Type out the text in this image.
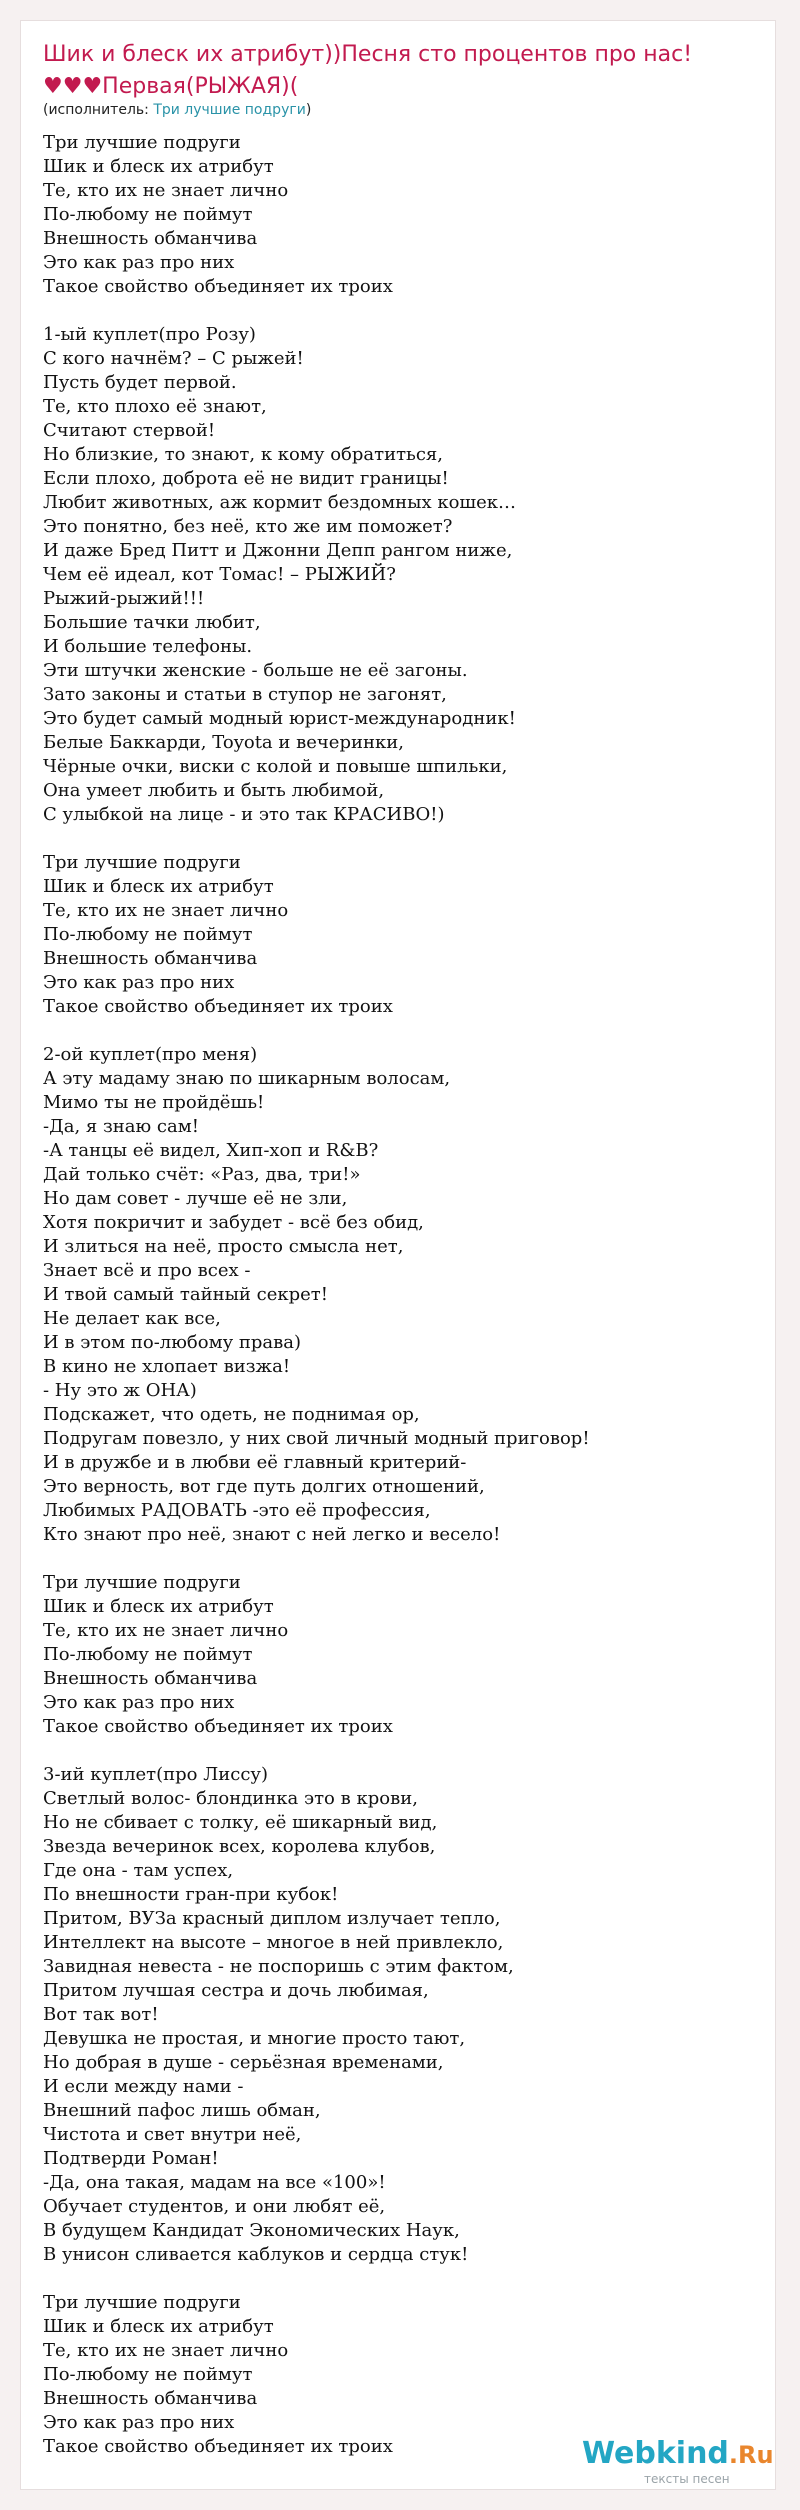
Шик и блеск их атрибут))Песня сто процентов про нас! ♥♥♥Первая(РЫЖАЯ)(
(исполнитель: Три лучшие подруги)
Три лучшие подруги
Шик и блеск их атрибут
Те, кто их не знает лично
По-любому не поймут
Внешность обманчива
Это как раз про них
Такое свойство объединяет их троих
1-ый куплет(про Розу)
С кого начнём? – С рыжей!
Пусть будет первой.
Те, кто плохо её знают,
Считают стервой!
Но близкие, то знают, к кому обратиться,
Если плохо, доброта её не видит границы!
Любит животных, аж кормит бездомных кошек…
Это понятно, без неё, кто же им поможет?
И даже Бред Питт и Джонни Депп рангом ниже,
Чем её идеал, кот Томас! – РЫЖИЙ?
Рыжий-рыжий!!!
Большие тачки любит,
И большие телефоны.
Эти штучки женские - больше не её загоны.
Зато законы и статьи в ступор не загонят,
Это будет самый модный юрист-международник!
Белые Баккарди, Toyota и вечеринки,
Чёрные очки, виски с колой и повыше шпильки,
Она умеет любить и быть любимой,
С улыбкой на лице - и это так КРАСИВО!)
Три лучшие подруги
Шик и блеск их атрибут
Те, кто их не знает лично
По-любому не поймут
Внешность обманчива
Это как раз про них
Такое свойство объединяет их троих
2-ой куплет(про меня)
А эту мадаму знаю по шикарным волосам,
Мимо ты не пройдёшь!
-Да, я знаю сам!
-А танцы её видел, Хип-хоп и R&B?
Дай только счёт: «Раз, два, три!»
Но дам совет - лучше её не зли,
Хотя покричит и забудет - всё без обид,
И злиться на неё, просто смысла нет,
Знает всё и про всех -
И твой самый тайный секрет!
Не делает как все,
И в этом по-любому права)
В кино не хлопает визжа!
- Ну это ж ОНА)
Подскажет, что одеть, не поднимая ор,
Подругам повезло, у них свой личный модный приговор!
И в дружбе и в любви её главный критерий-
Это верность, вот где путь долгих отношений,
Любимых РАДОВАТЬ -это её профессия,
Кто знают про неё, знают с ней легко и весело!
Три лучшие подруги
Шик и блеск их атрибут
Те, кто их не знает лично
По-любому не поймут
Внешность обманчива
Это как раз про них
Такое свойство объединяет их троих
3-ий куплет(про Лиссу)
Светлый волос- блондинка это в крови,
Но не сбивает с толку, её шикарный вид,
Звезда вечеринок всех, королева клубов,
Где она - там успех,
По внешности гран-при кубок!
Притом, ВУЗа красный диплом излучает тепло,
Интеллект на высоте – многое в ней привлекло,
Завидная невеста - не поспоришь с этим фактом,
Притом лучшая сестра и дочь любимая,
Вот так вот!
Девушка не простая, и многие просто тают,
Но добрая в душе - серьёзная временами,
И если между нами -
Внешний пафос лишь обман,
Чистота и свет внутри неё,
Подтверди Роман!
-Да, она такая, мадам на все «100»!
Обучает студентов, и они любят её,
В будущем Кандидат Экономических Наук,
В унисон сливается каблуков и сердца стук!
Три лучшие подруги
Шик и блеск их атрибут
Те, кто их не знает лично
По-любому не поймут
Внешность обманчива
Это как раз про них
Такое свойство объединяет их троих	Webkind.Ru
тексты песен
